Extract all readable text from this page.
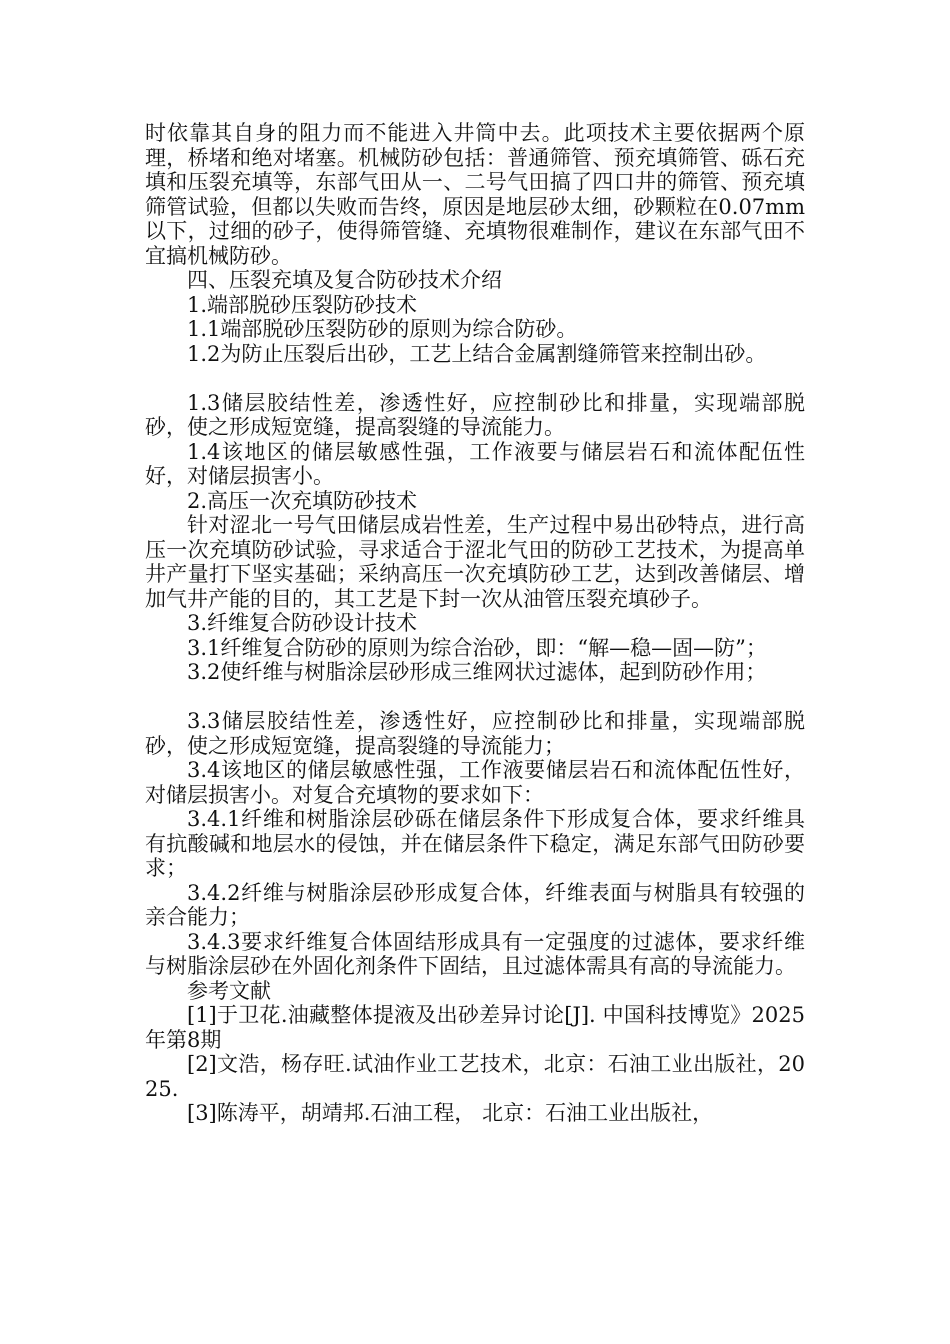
时依靠其自身的阻力而不能进入井筒中去。此项技术主要依据两个原理，桥堵和绝对堵塞。机械防砂包括：普通筛管、预充填筛管、砾石充填和压裂充填等，东部气田从一、二号气田搞了四口井的筛管、预充填筛管试验，但都以失败而告终，原因是地层砂太细，砂颗粒在0.07mm以下，过细的砂子，使得筛管缝、充填物很难制作，建议在东部气田不宜搞机械防砂。

四、压裂充填及复合防砂技术介绍

1.端部脱砂压裂防砂技术

1.1端部脱砂压裂防砂的原则为综合防砂。

1.2为防止压裂后出砂，工艺上结合金属割缝筛管来控制出砂。

1.3储层胶结性差，渗透性好，应控制砂比和排量，实现端部脱砂，使之形成短宽缝，提高裂缝的导流能力。

1.4该地区的储层敏感性强，工作液要与储层岩石和流体配伍性好，对储层损害小。

2.高压一次充填防砂技术

针对涩北一号气田储层成岩性差，生产过程中易出砂特点，进行高压一次充填防砂试验，寻求适合于涩北气田的防砂工艺技术，为提高单井产量打下坚实基础；采纳高压一次充填防砂工艺，达到改善储层、增加气井产能的目的，其工艺是下封一次从油管压裂充填砂子。

3.纤维复合防砂设计技术

3.1纤维复合防砂的原则为综合治砂，即：“解—稳—固—防”；

3.2使纤维与树脂涂层砂形成三维网状过滤体，起到防砂作用；

3.3储层胶结性差，渗透性好，应控制砂比和排量，实现端部脱砂，使之形成短宽缝，提高裂缝的导流能力；

3.4该地区的储层敏感性强，工作液要储层岩石和流体配伍性好，对储层损害小。对复合充填物的要求如下：

3.4.1纤维和树脂涂层砂砾在储层条件下形成复合体，要求纤维具有抗酸碱和地层水的侵蚀，并在储层条件下稳定，满足东部气田防砂要求；

3.4.2纤维与树脂涂层砂形成复合体，纤维表面与树脂具有较强的亲合能力；

3.4.3要求纤维复合体固结形成具有一定强度的过滤体，要求纤维与树脂涂层砂在外固化剂条件下固结，且过滤体需具有高的导流能力。

参考文献

[1]于卫花.油藏整体提液及出砂差异讨论[J]. 中国科技博览》2025年第8期

[2]文浩，杨存旺.试油作业工艺技术，北京：石油工业出版社，2025.

[3]陈涛平，胡靖邦.石油工程， 北京：石油工业出版社，
